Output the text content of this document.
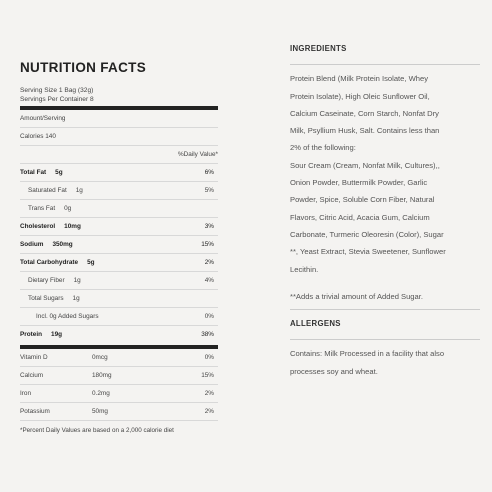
NUTRITION FACTS
Serving Size 1 Bag (32g)
Servings Per Container 8
Amount/Serving
Calories 140
%Daily Value*
Total Fat 5g	6%
Saturated Fat 1g	5%
Trans Fat 0g
Cholesterol 10mg	3%
Sodium 350mg	15%
Total Carbohydrate 5g	2%
Dietary Fiber 1g	4%
Total Sugars 1g
Incl. 0g Added Sugars	0%
Protein 19g	38%
Vitamin D	0mcg	0%
Calcium	180mg	15%
Iron	0.2mg	2%
Potassium	50mg	2%
*Percent Daily Values are based on a 2,000 calorie diet
INGREDIENTS

Protein Blend (Milk Protein Isolate, Whey
Protein Isolate), High Oleic Sunflower Oil,
Calcium Caseinate, Corn Starch, Nonfat Dry
Milk, Psyllium Husk, Salt. Contains less than
2% of the following:
Sour Cream (Cream, Nonfat Milk, Cultures),,
Onion Powder, Buttermilk Powder, Garlic
Powder, Spice, Soluble Corn Fiber, Natural
Flavors, Citric Acid, Acacia Gum, Calcium
Carbonate, Turmeric Oleoresin (Color), Sugar
**, Yeast Extract, Stevia Sweetener, Sunflower
Lecithin.

**Adds a trivial amount of Added Sugar.

ALLERGENS

Contains: Milk Processed in a facility that also
processes soy and wheat.
